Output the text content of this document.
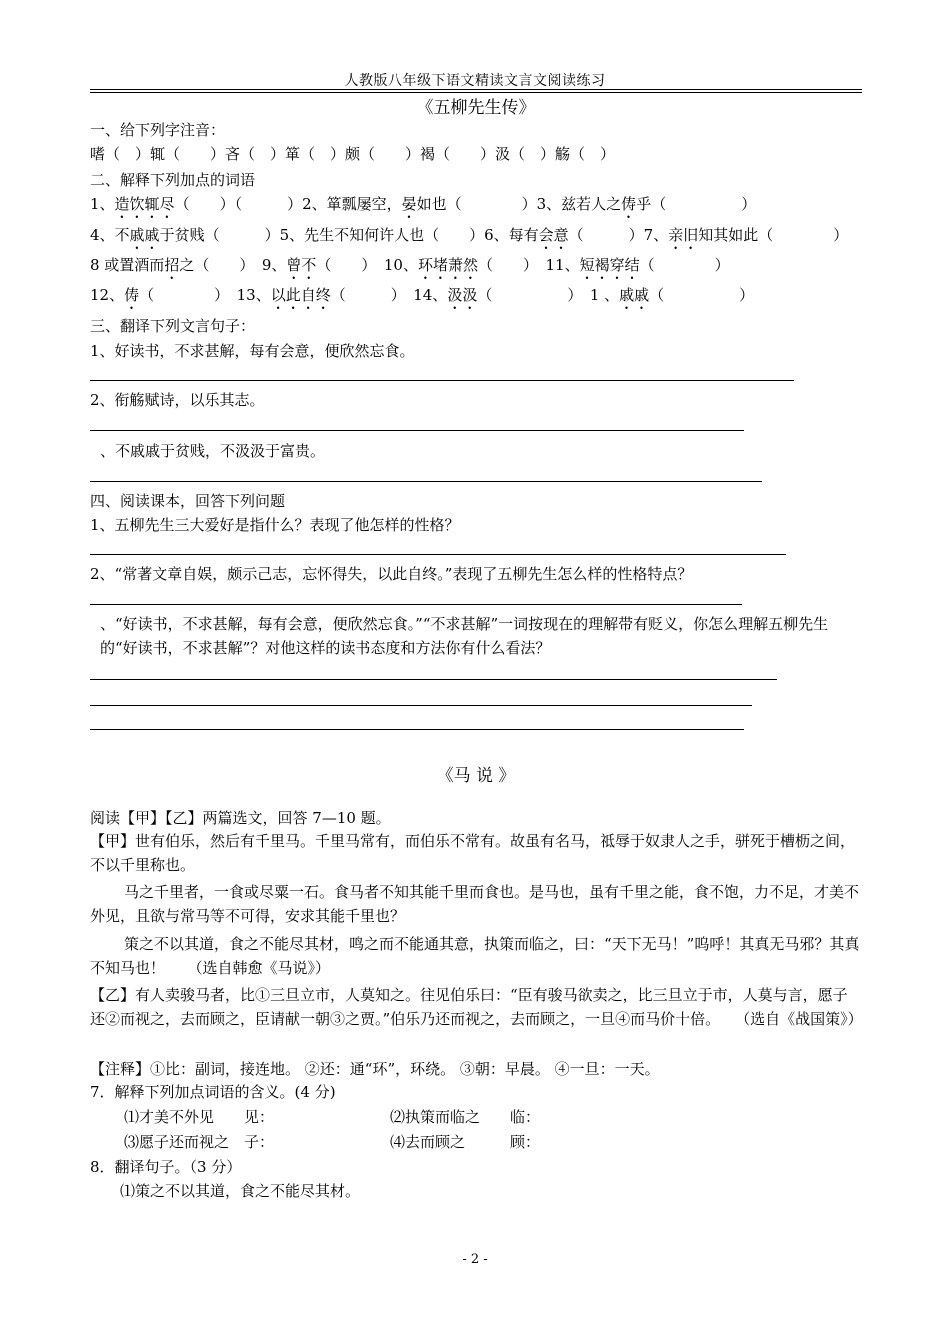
人教版八年级下语文精读文言文阅读练习
《五柳先生传》
一、给下列字注音：
嗜（　）辄（　　）吝（　）箪（　）颇（　　）褐（　　）汲（　）觞（　）
二、解释下列加点的词语
1、造饮辄尽（　　）（　　　）2、箪瓢屡空，晏如也（　　　　）3、兹若人之俦乎（　　　　　）
4、不戚戚于贫贱（　　　）5、先生不知何许人也（　　）6、每有会意（　　　）7、亲旧知其如此（　　　　）
8 或置酒而招之（　　）　9、曾不（　　）　10、环堵萧然（　　）　11、短褐穿结（　　　　）
12、俦（　　　　）　13、以此自终（　　　）　14、汲汲（　　　　　）　1 、戚戚（　　　　　）
三、翻译下列文言句子：
1、好读书，不求甚解，每有会意，便欣然忘食。
2、衔觞赋诗，以乐其志。
、不戚戚于贫贱，不汲汲于富贵。
四、阅读课本，回答下列问题
1、五柳先生三大爱好是指什么？表现了他怎样的性格？
2、“常著文章自娱，颇示己志，忘怀得失，以此自终。”表现了五柳先生怎么样的性格特点？
、“好读书，不求甚解，每有会意，便欣然忘食。”“不求甚解”一词按现在的理解带有贬义，你怎么理解五柳先生的“好读书，不求甚解”？对他这样的读书态度和方法你有什么看法？
《马 说 》
阅读【甲】【乙】两篇选文，回答 7—10 题。
【甲】世有伯乐，然后有千里马。千里马常有，而伯乐不常有。故虽有名马，祗辱于奴隶人之手，骈死于槽枥之间，不以千里称也。
马之千里者，一食或尽粟一石。食马者不知其能千里而食也。是马也，虽有千里之能，食不饱，力不足，才美不外见，且欲与常马等不可得，安求其能千里也？
策之不以其道，食之不能尽其材，鸣之而不能通其意，执策而临之，曰：“天下无马！”呜呼！其真无马邪？其真不知马也！　　（选自韩愈《马说》）
【乙】有人卖骏马者，比①三旦立市，人莫知之。往见伯乐曰：“臣有骏马欲卖之，比三旦立于市，人莫与言，愿子还②而视之，去而顾之，臣请献一朝③之贾。”伯乐乃还而视之，去而顾之，一旦④而马价十倍。　　（选自《战国策》）
【注释】①比：副词，接连地。 ②还：通“环”，环绕。 ③朝：早晨。 ④一旦：一天。
7．解释下列加点词语的含义。(4 分)
⑴才美不外见　　见：	⑵执策而临之　　临：
⑶愿子还而视之　子：	⑷去而顾之　　　顾：
8．翻译句子。（3 分）
⑴策之不以其道，食之不能尽其材。
- 2 -
